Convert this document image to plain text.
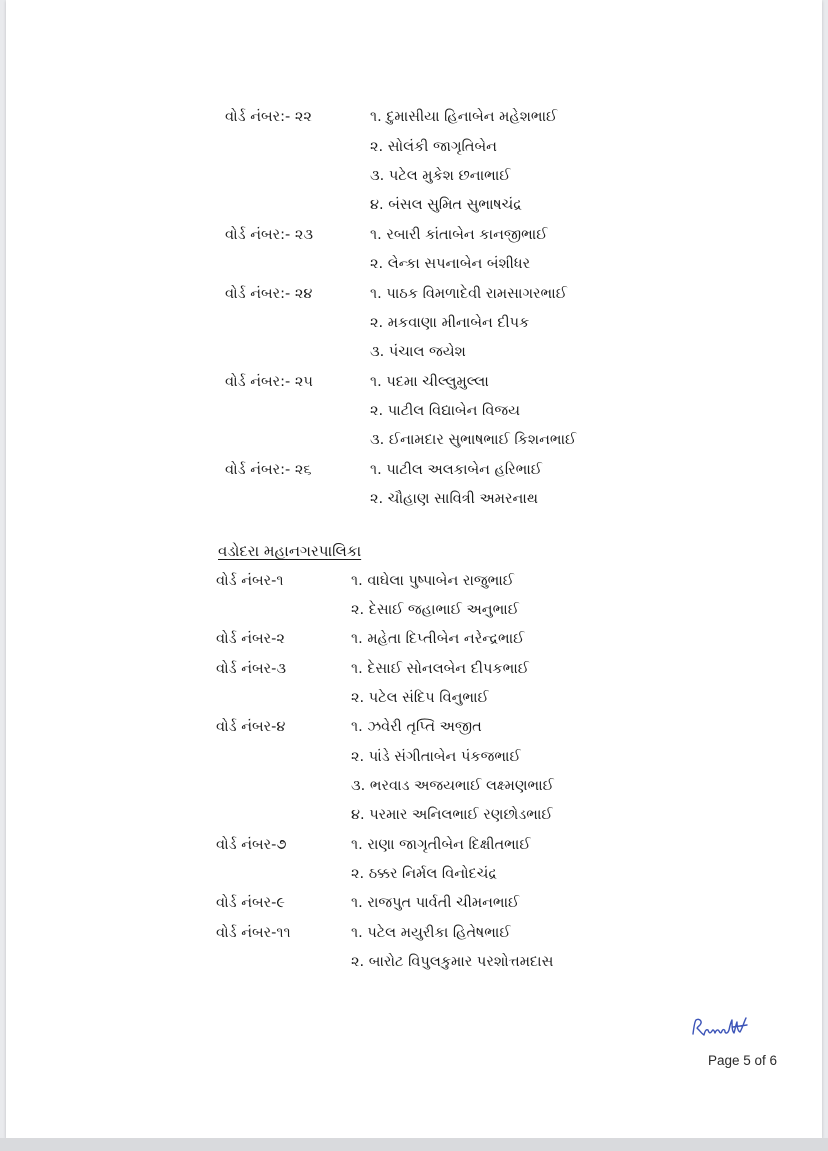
વોર્ડ નંબર:- ૨૨	૧. દુમાસીયા હિનાબેન મહેશભાઈ
૨. સોલંકી જાગૃતિબેન
૩. પટેલ મુકેશ છનાભાઈ
૪. બંસલ સુમિત સુભાષચંદ્ર
વોર્ડ નંબર:- ૨૩	૧. રબારી કાંતાબેન કાનજીભાઈ
૨. લેન્કા સપનાબેન બંશીધર
વોર્ડ નંબર:- ૨૪	૧. પાઠક વિમળાદેવી રામસાગરભાઈ
૨. મકવાણા મીનાબેન દીપક
૩. પંચાલ જયેશ
વોર્ડ નંબર:- ૨૫	૧. પદમા ચીલ્લુમુલ્લા
૨. પાટીલ વિદ્યાબેન વિજય
૩. ઈનામદાર સુભાષભાઈ કિશનભાઈ
વોર્ડ નંબર:- ૨૬	૧. પાટીલ અલકાબેન હરિભાઈ
૨. ચૌહાણ સાવિત્રી અમરનાથ
વડોદરા મહાનગરપાલિકા
વોર્ડ નંબર-૧	૧. વાઘેલા પુષ્પાબેન રાજુભાઈ
૨. દેસાઈ જહાભાઈ અનુભાઈ
વોર્ડ નંબર-૨	૧. મહેતા દિપ્તીબેન નરેન્દ્રભાઈ
વોર્ડ નંબર-૩	૧. દેસાઈ સોનલબેન દીપકભાઈ
૨. પટેલ સંદિપ વિનુભાઈ
વોર્ડ નંબર-૪	૧. ઝવેરી તૃપ્તિ અજીત
૨. પાંડે સંગીતાબેન પંકજભાઈ
૩. ભરવાડ અજયભાઈ લક્ષ્મણભાઈ
૪. પરમાર અનિલભાઈ રણછોડભાઈ
વોર્ડ નંબર-૭	૧. રાણા જાગૃતીબેન દિક્ષીતભાઈ
૨. ઠક્કર નિર્મલ વિનોદચંદ્ર
વોર્ડ નંબર-૯	૧. રાજપુત પાર્વતી ચીમનભાઈ
વોર્ડ નંબર-૧૧	૧. પટેલ મયુરીકા હિતેષભાઈ
૨. બારોટ વિપુલકુમાર પરશોત્તમદાસ
Page 5 of 6
